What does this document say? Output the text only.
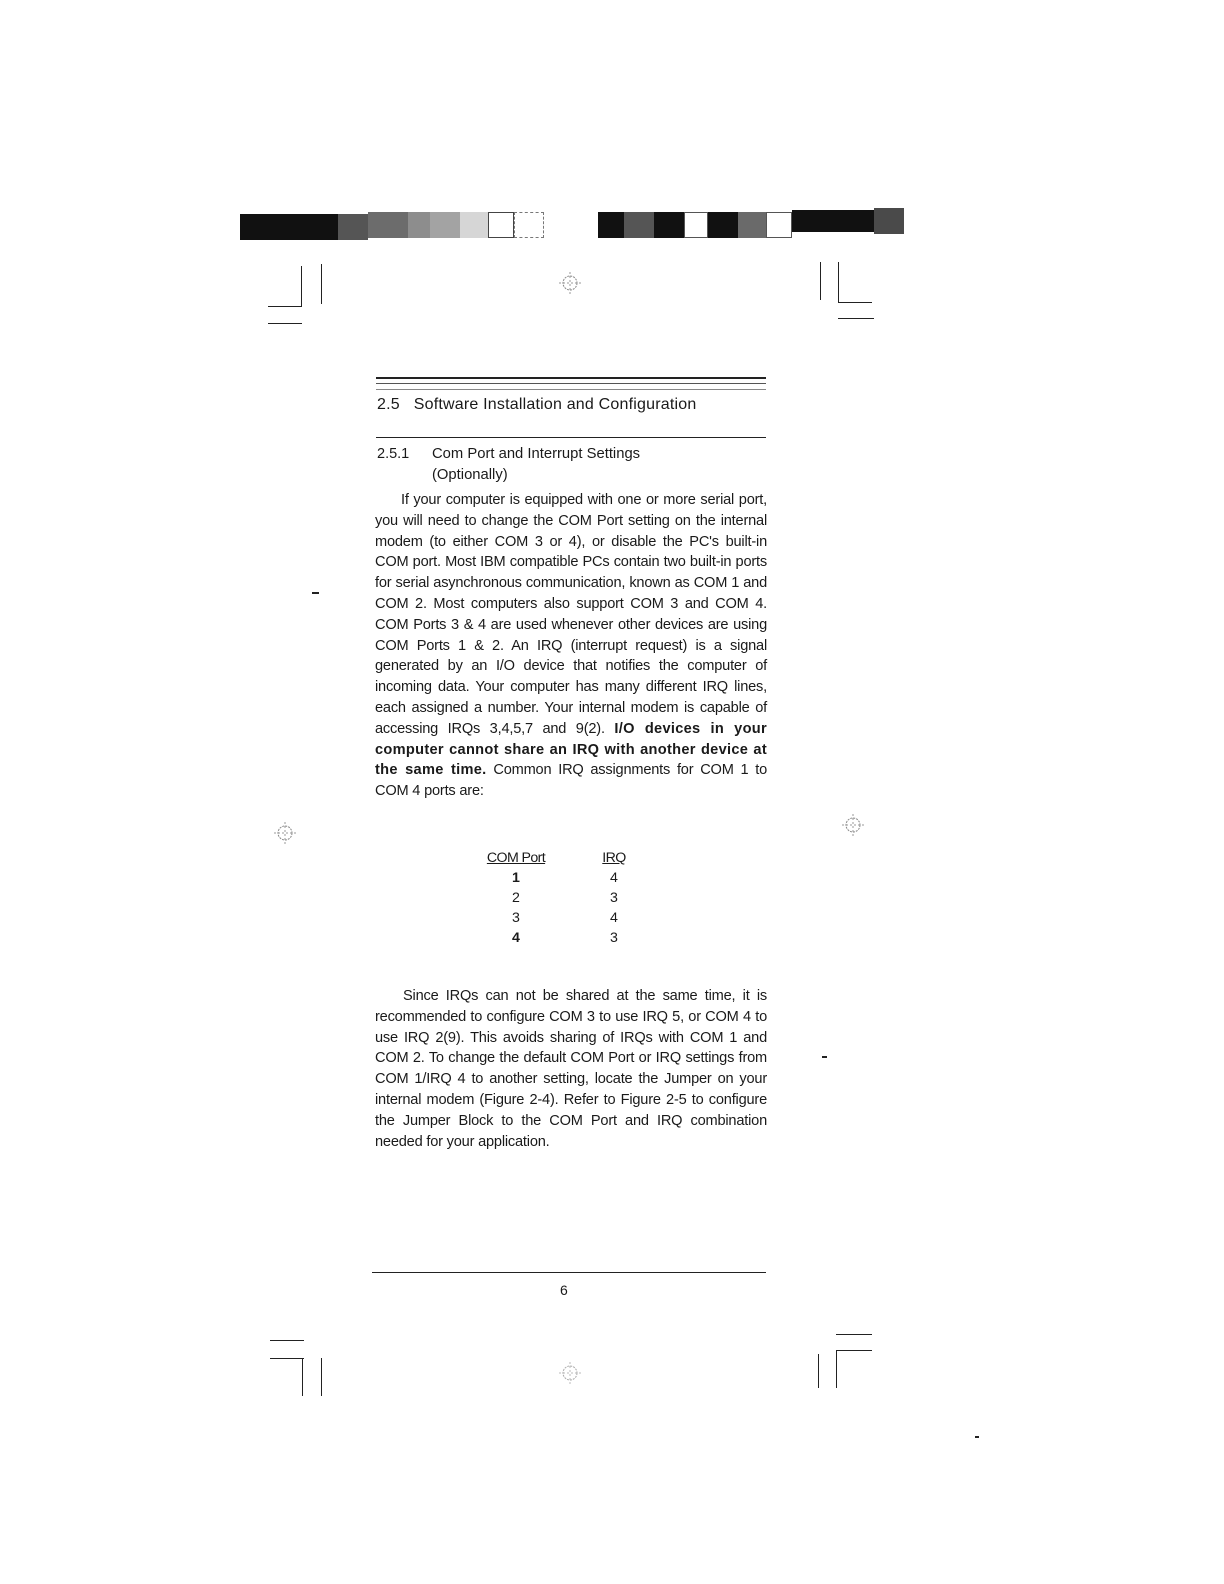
2.5 Software Installation and Configuration
2.5.1 Com Port and Interrupt Settings
(Optionally)
If your computer is equipped with one or more serial port, you will need to change the COM Port setting on the internal modem (to either COM 3 or 4), or disable the PC's built-in COM port. Most IBM compatible PCs contain two built-in ports for serial asynchronous communication, known as COM 1 and COM 2. Most computers also support COM 3 and COM 4. COM Ports 3 & 4 are used whenever other devices are using COM Ports 1 & 2. An IRQ (interrupt request) is a signal generated by an I/O device that notifies the computer of incoming data. Your computer has many different IRQ lines, each assigned a number. Your internal modem is capable of accessing IRQs 3,4,5,7 and 9(2). I/O devices in your computer cannot share an IRQ with another device at the same time. Common IRQ assignments for COM 1 to COM 4 ports are:
COM Port		IRQ
1		4
2		3
3		4
4		3
Since IRQs can not be shared at the same time, it is recommended to configure COM 3 to use IRQ 5, or COM 4 to use IRQ 2(9). This avoids sharing of IRQs with COM 1 and COM 2. To change the default COM Port or IRQ settings from COM 1/IRQ 4 to another setting, locate the Jumper on your internal modem (Figure 2-4). Refer to Figure 2-5 to configure the Jumper Block to the COM Port and IRQ combination needed for your application.
6
